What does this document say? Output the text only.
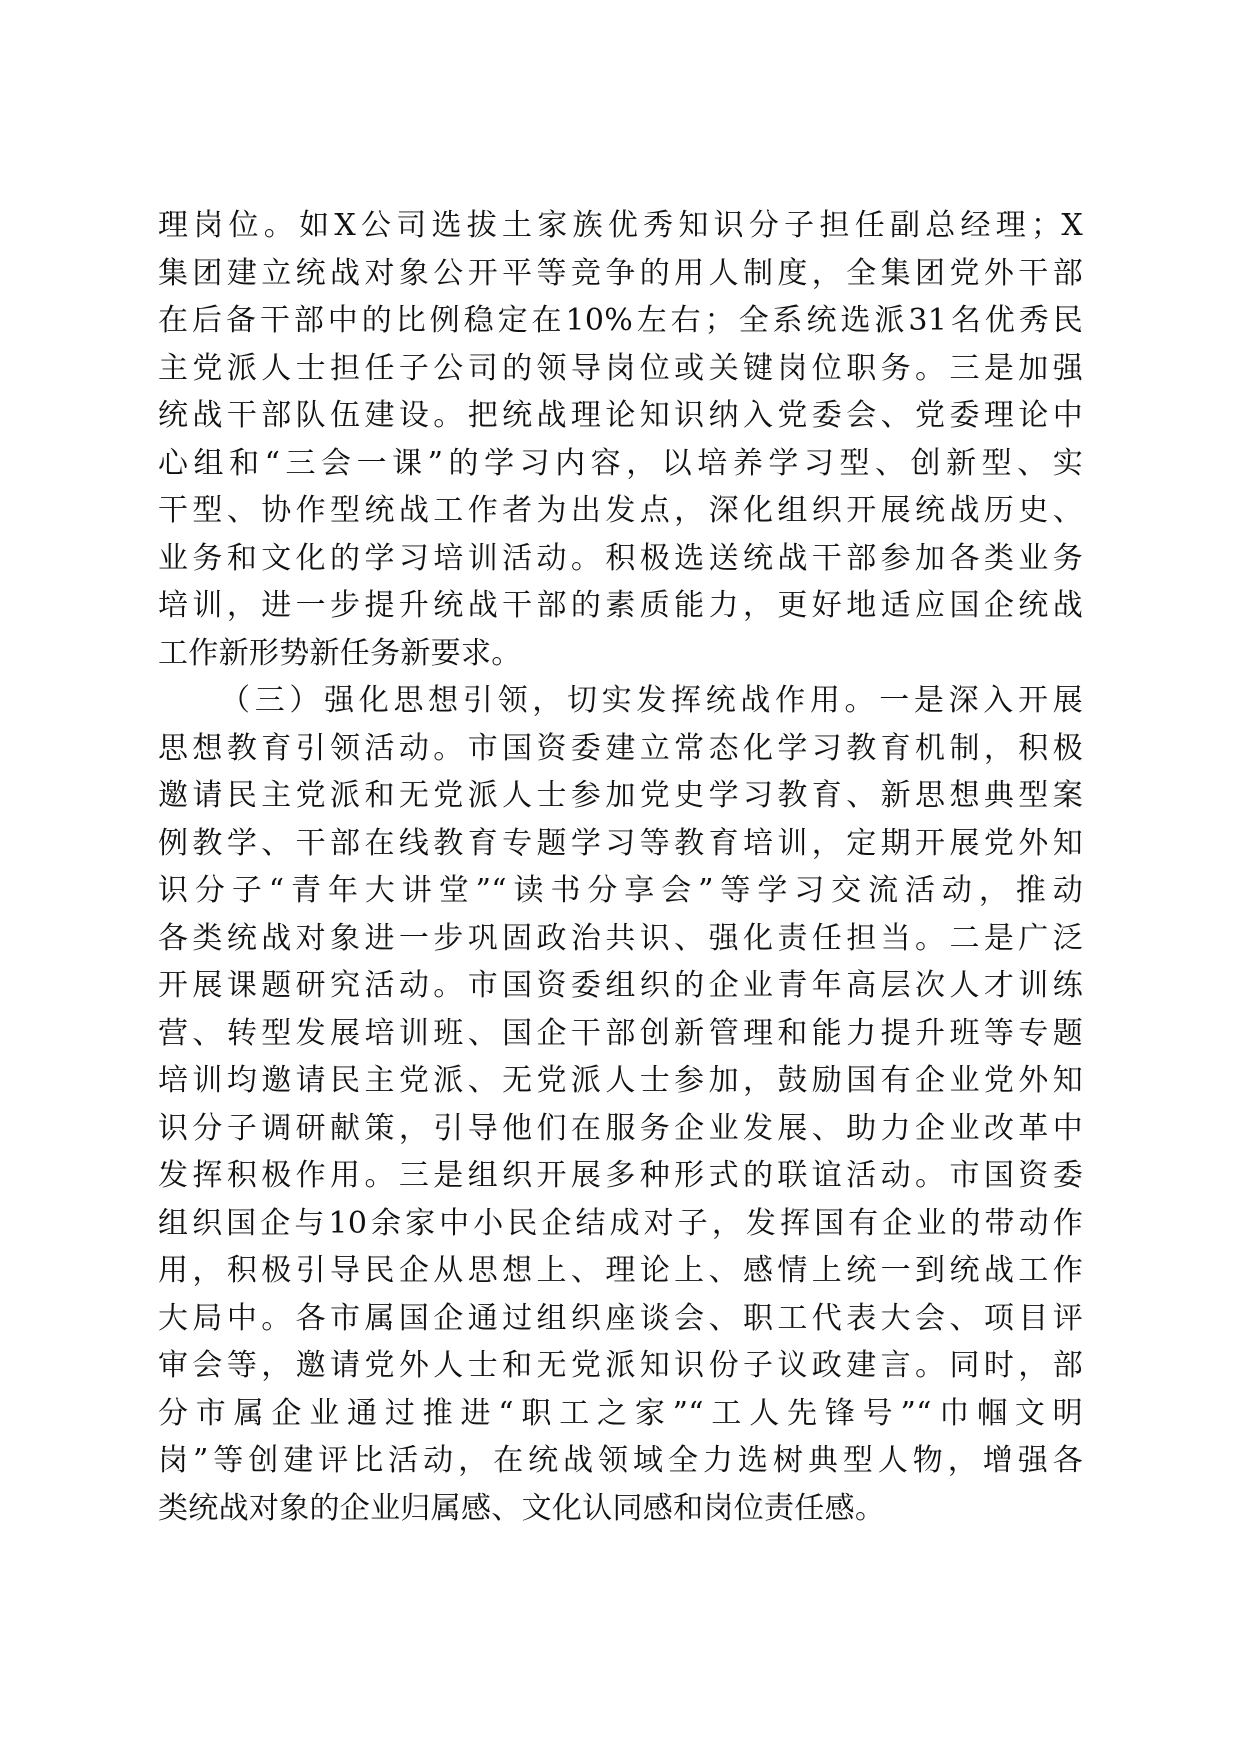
理岗位。如X公司选拔土家族优秀知识分子担任副总经理；X
集团建立统战对象公开平等竞争的用人制度，全集团党外干部
在后备干部中的比例稳定在10%左右；全系统选派31名优秀民
主党派人士担任子公司的领导岗位或关键岗位职务。三是加强
统战干部队伍建设。把统战理论知识纳入党委会、党委理论中
心组和“三会一课”的学习内容，以培养学习型、创新型、实
干型、协作型统战工作者为出发点，深化组织开展统战历史、
业务和文化的学习培训活动。积极选送统战干部参加各类业务
培训，进一步提升统战干部的素质能力，更好地适应国企统战
工作新形势新任务新要求。
（三）强化思想引领，切实发挥统战作用。一是深入开展
思想教育引领活动。市国资委建立常态化学习教育机制，积极
邀请民主党派和无党派人士参加党史学习教育、新思想典型案
例教学、干部在线教育专题学习等教育培训，定期开展党外知
识分子“青年大讲堂”“读书分享会”等学习交流活动，推动
各类统战对象进一步巩固政治共识、强化责任担当。二是广泛
开展课题研究活动。市国资委组织的企业青年高层次人才训练
营、转型发展培训班、国企干部创新管理和能力提升班等专题
培训均邀请民主党派、无党派人士参加，鼓励国有企业党外知
识分子调研献策，引导他们在服务企业发展、助力企业改革中
发挥积极作用。三是组织开展多种形式的联谊活动。市国资委
组织国企与10余家中小民企结成对子，发挥国有企业的带动作
用，积极引导民企从思想上、理论上、感情上统一到统战工作
大局中。各市属国企通过组织座谈会、职工代表大会、项目评
审会等，邀请党外人士和无党派知识份子议政建言。同时，部
分市属企业通过推进“职工之家”“工人先锋号”“巾帼文明
岗”等创建评比活动，在统战领域全力选树典型人物，增强各
类统战对象的企业归属感、文化认同感和岗位责任感。
